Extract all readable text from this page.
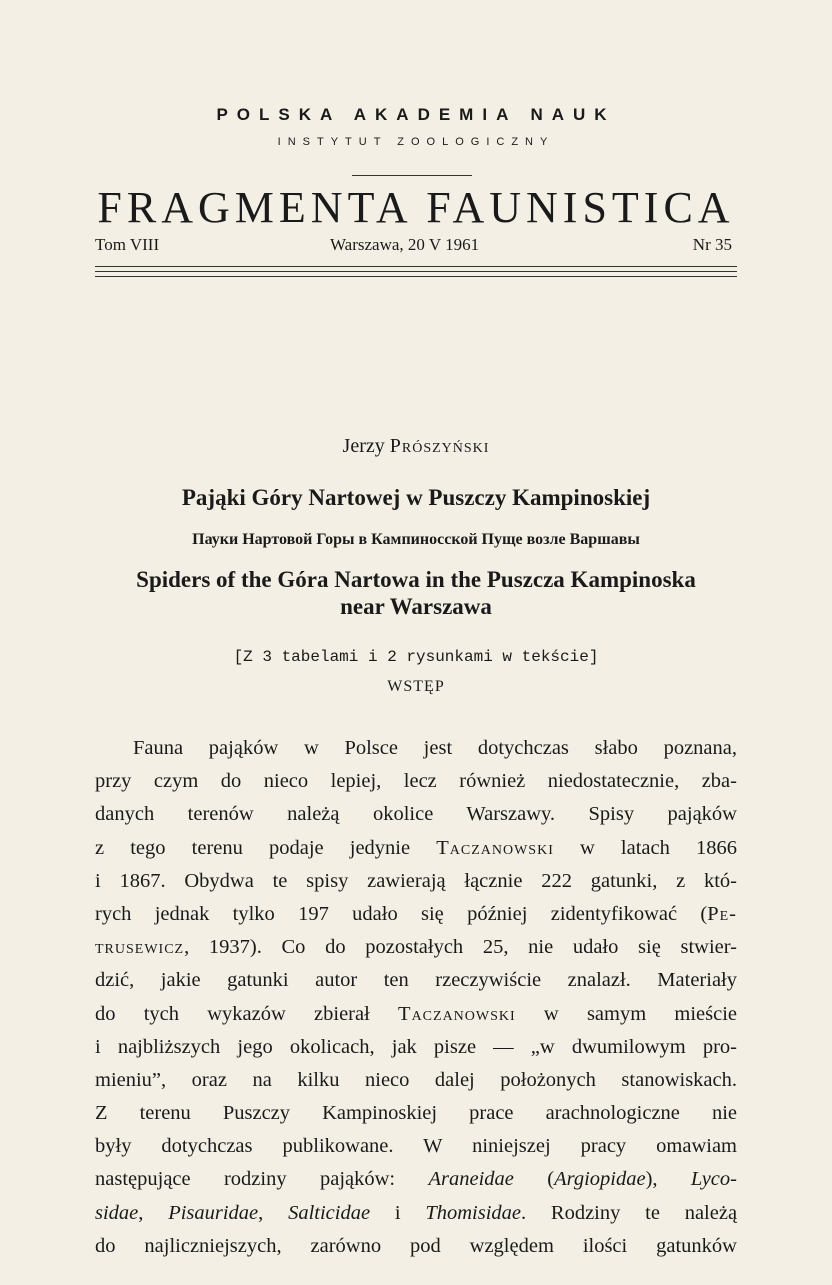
POLSKA AKADEMIA NAUK
INSTYTUT ZOOLOGICZNY
FRAGMENTA FAUNISTICA
Tom VIII	Warszawa, 20 V 1961	Nr 35
Jerzy Prószyński
Pająki Góry Nartowej w Puszczy Kampinoskiej
Пауки Нартовой Горы в Кампиносской Пуще возле Варшавы
Spiders of the Góra Nartowa in the Puszcza Kampinoska
near Warszawa
[Z 3 tabelami i 2 rysunkami w tekście]
WSTĘP
Fauna pająków w Polsce jest dotychczas słabo poznana,
przy czym do nieco lepiej, lecz również niedostatecznie, zba-
danych terenów należą okolice Warszawy. Spisy pająków
z tego terenu podaje jedynie Taczanowski w latach 1866
i 1867. Obydwa te spisy zawierają łącznie 222 gatunki, z któ-
rych jednak tylko 197 udało się później zidentyfikować (Pe-
trusewicz, 1937). Co do pozostałych 25, nie udało się stwier-
dzić, jakie gatunki autor ten rzeczywiście znalazł. Materiały
do tych wykazów zbierał Taczanowski w samym mieście
i najbliższych jego okolicach, jak pisze — „w dwumilowym pro-
mieniu”, oraz na kilku nieco dalej położonych stanowiskach.
Z terenu Puszczy Kampinoskiej prace arachnologiczne nie
były dotychczas publikowane. W niniejszej pracy omawiam
następujące rodziny pająków: Araneidae (Argiopidae), Lyco-
sidae, Pisauridae, Salticidae i Thomisidae. Rodziny te należą
do najliczniejszych, zarówno pod względem ilości gatunków
